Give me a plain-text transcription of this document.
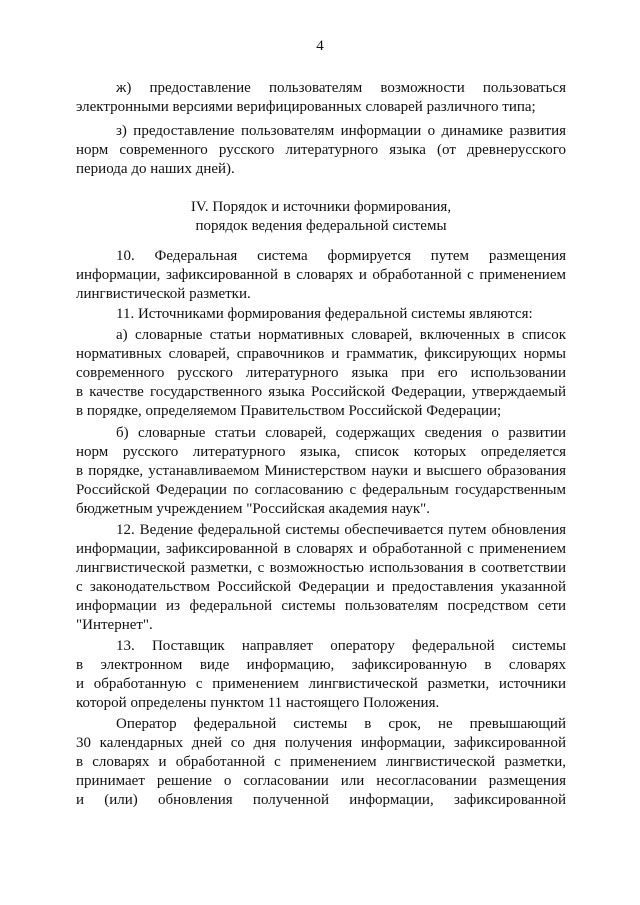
4
ж) предоставление пользователям возможности пользоваться
электронными версиями верифицированных словарей различного типа;
з) предоставление пользователям информации о динамике развития
норм современного русского литературного языка (от древнерусского
периода до наших дней).
IV. Порядок и источники формирования,
порядок ведения федеральной системы
10. Федеральная система формируется путем размещения
информации, зафиксированной в словарях и обработанной с применением
лингвистической разметки.
11. Источниками формирования федеральной системы являются:
а) словарные статьи нормативных словарей, включенных в список
нормативных словарей, справочников и грамматик, фиксирующих нормы
современного русского литературного языка при его использовании
в качестве государственного языка Российской Федерации, утверждаемый
в порядке, определяемом Правительством Российской Федерации;
б) словарные статьи словарей, содержащих сведения о развитии
норм русского литературного языка, список которых определяется
в порядке, устанавливаемом Министерством науки и высшего образования
Российской Федерации по согласованию с федеральным государственным
бюджетным учреждением "Российская академия наук".
12. Ведение федеральной системы обеспечивается путем обновления
информации, зафиксированной в словарях и обработанной с применением
лингвистической разметки, с возможностью использования в соответствии
с законодательством Российской Федерации и предоставления указанной
информации из федеральной системы пользователям посредством сети
"Интернет".
13. Поставщик направляет оператору федеральной системы
в электронном виде информацию, зафиксированную в словарях
и обработанную с применением лингвистической разметки, источники
которой определены пунктом 11 настоящего Положения.
Оператор федеральной системы в срок, не превышающий
30 календарных дней со дня получения информации, зафиксированной
в словарях и обработанной с применением лингвистической разметки,
принимает решение о согласовании или несогласовании размещения
и (или) обновления полученной информации, зафиксированной
